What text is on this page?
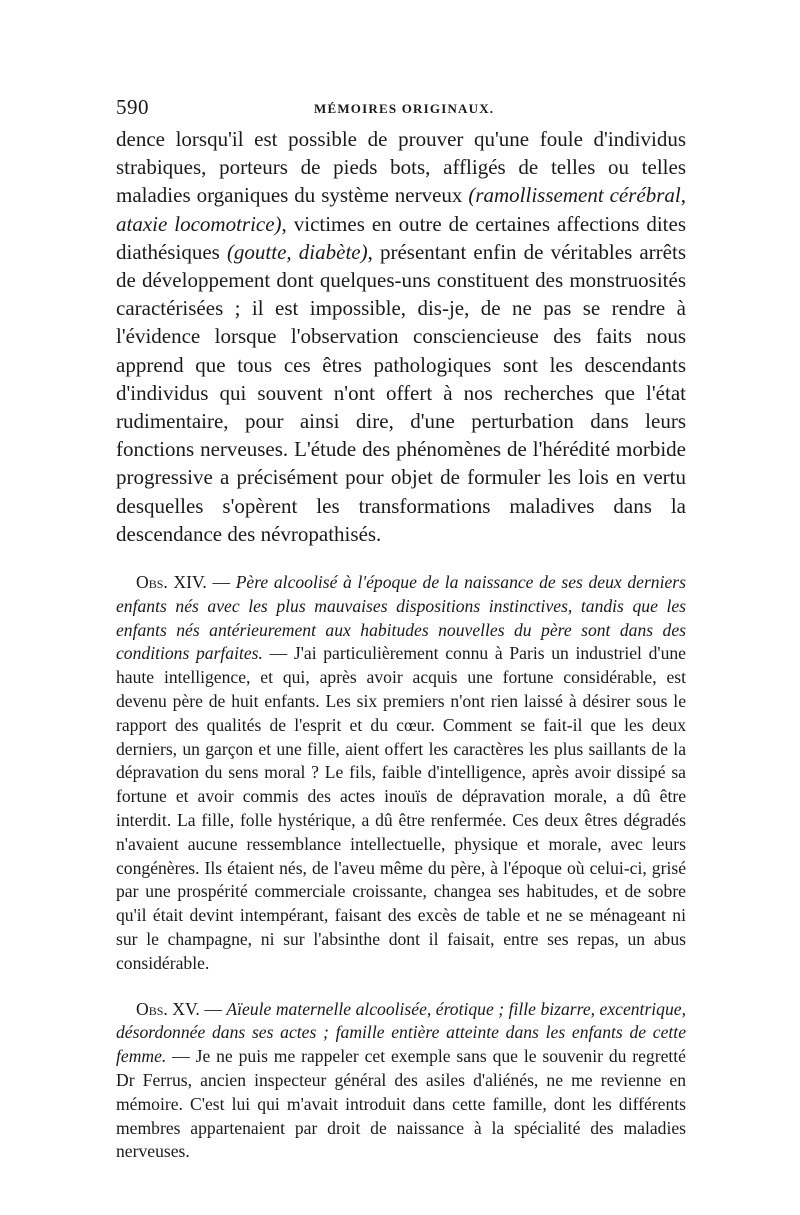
590	MÉMOIRES ORIGINAUX.

dence lorsqu'il est possible de prouver qu'une foule d'individus strabiques, porteurs de pieds bots, affligés de telles ou telles maladies organiques du système nerveux (ramollissement cérébral, ataxie locomotrice), victimes en outre de certaines affections dites diathésiques (goutte, diabète), présentant enfin de véritables arrêts de développement dont quelques-uns constituent des monstruosités caractérisées ; il est impossible, dis-je, de ne pas se rendre à l'évidence lorsque l'observation consciencieuse des faits nous apprend que tous ces êtres pathologiques sont les descendants d'individus qui souvent n'ont offert à nos recherches que l'état rudimentaire, pour ainsi dire, d'une perturbation dans leurs fonctions nerveuses. L'étude des phénomènes de l'hérédité morbide progressive a précisément pour objet de formuler les lois en vertu desquelles s'opèrent les transformations maladives dans la descendance des névropathisés.

Obs. XIV. — Père alcoolisé à l'époque de la naissance de ses deux derniers enfants nés avec les plus mauvaises dispositions instinctives, tandis que les enfants nés antérieurement aux habitudes nouvelles du père sont dans des conditions parfaites. — J'ai particulièrement connu à Paris un industriel d'une haute intelligence, et qui, après avoir acquis une fortune considérable, est devenu père de huit enfants. Les six premiers n'ont rien laissé à désirer sous le rapport des qualités de l'esprit et du cœur. Comment se fait-il que les deux derniers, un garçon et une fille, aient offert les caractères les plus saillants de la dépravation du sens moral ? Le fils, faible d'intelligence, après avoir dissipé sa fortune et avoir commis des actes inouïs de dépravation morale, a dû être interdit. La fille, folle hystérique, a dû être renfermée. Ces deux êtres dégradés n'avaient aucune ressemblance intellectuelle, physique et morale, avec leurs congénères. Ils étaient nés, de l'aveu même du père, à l'époque où celui-ci, grisé par une prospérité commerciale croissante, changea ses habitudes, et de sobre qu'il était devint intempérant, faisant des excès de table et ne se ménageant ni sur le champagne, ni sur l'absinthe dont il faisait, entre ses repas, un abus considérable.

Obs. XV. — Aïeule maternelle alcoolisée, érotique ; fille bizarre, excentrique, désordonnée dans ses actes ; famille entière atteinte dans les enfants de cette femme. — Je ne puis me rappeler cet exemple sans que le souvenir du regretté Dr Ferrus, ancien inspecteur général des asiles d'aliénés, ne me revienne en mémoire. C'est lui qui m'avait introduit dans cette famille, dont les différents membres appartenaient par droit de naissance à la spécialité des maladies nerveuses.
